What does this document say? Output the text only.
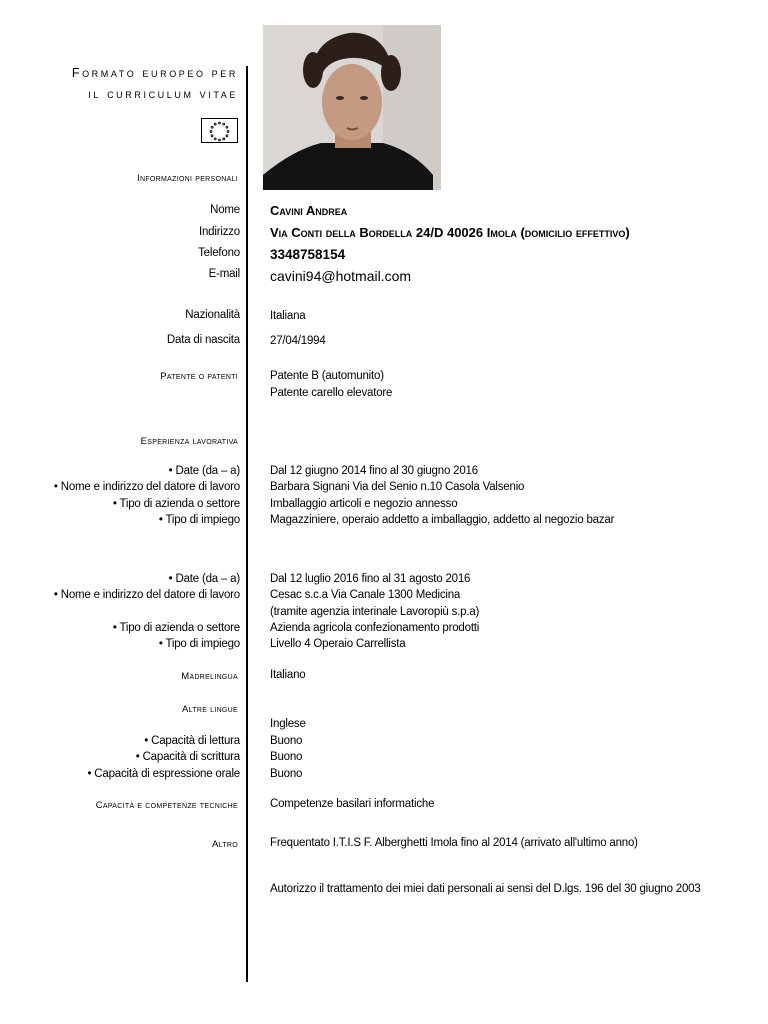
Formato europeo per
il curriculum vitae
Informazioni personali
Nome Cavini Andrea
Indirizzo Via Conti della Bordella 24/D 40026 Imola (domicilio effettivo)
Telefono 3348758154
E-mail cavini94@hotmail.com
Nazionalità	Italiana
Data di nascita	27/04/1994
Patente o patenti	Patente B (automunito)
Patente carello elevatore
Esperienza lavorativa
• Date (da – a)	Dal 12 giugno 2014 fino al 30 giugno 2016
• Nome e indirizzo del datore di lavoro	Barbara Signani Via del Senio n.10 Casola Valsenio
• Tipo di azienda o settore	Imballaggio articoli e negozio annesso
• Tipo di impiego	Magazziniere, operaio addetto a imballaggio, addetto al negozio bazar
• Date (da – a)	Dal 12 luglio 2016 fino al 31 agosto 2016
• Nome e indirizzo del datore di lavoro	Cesac s.c.a Via Canale 1300 Medicina
(tramite agenzia interinale Lavoropiù s.p.a)
• Tipo di azienda o settore	Azienda agricola confezionamento prodotti
• Tipo di impiego	Livello 4 Operaio Carrellista
Madrelingua	Italiano
Altre lingue
Inglese
• Capacità di lettura	Buono
• Capacità di scrittura	Buono
• Capacità di espressione orale	Buono
Capacità e competenze tecniche	Competenze basilari informatiche
Altro	Frequentato I.T.I.S F. Alberghetti Imola fino al 2014 (arrivato all'ultimo anno)
Autorizzo il trattamento dei miei dati personali ai sensi del D.lgs. 196 del 30 giugno 2003
